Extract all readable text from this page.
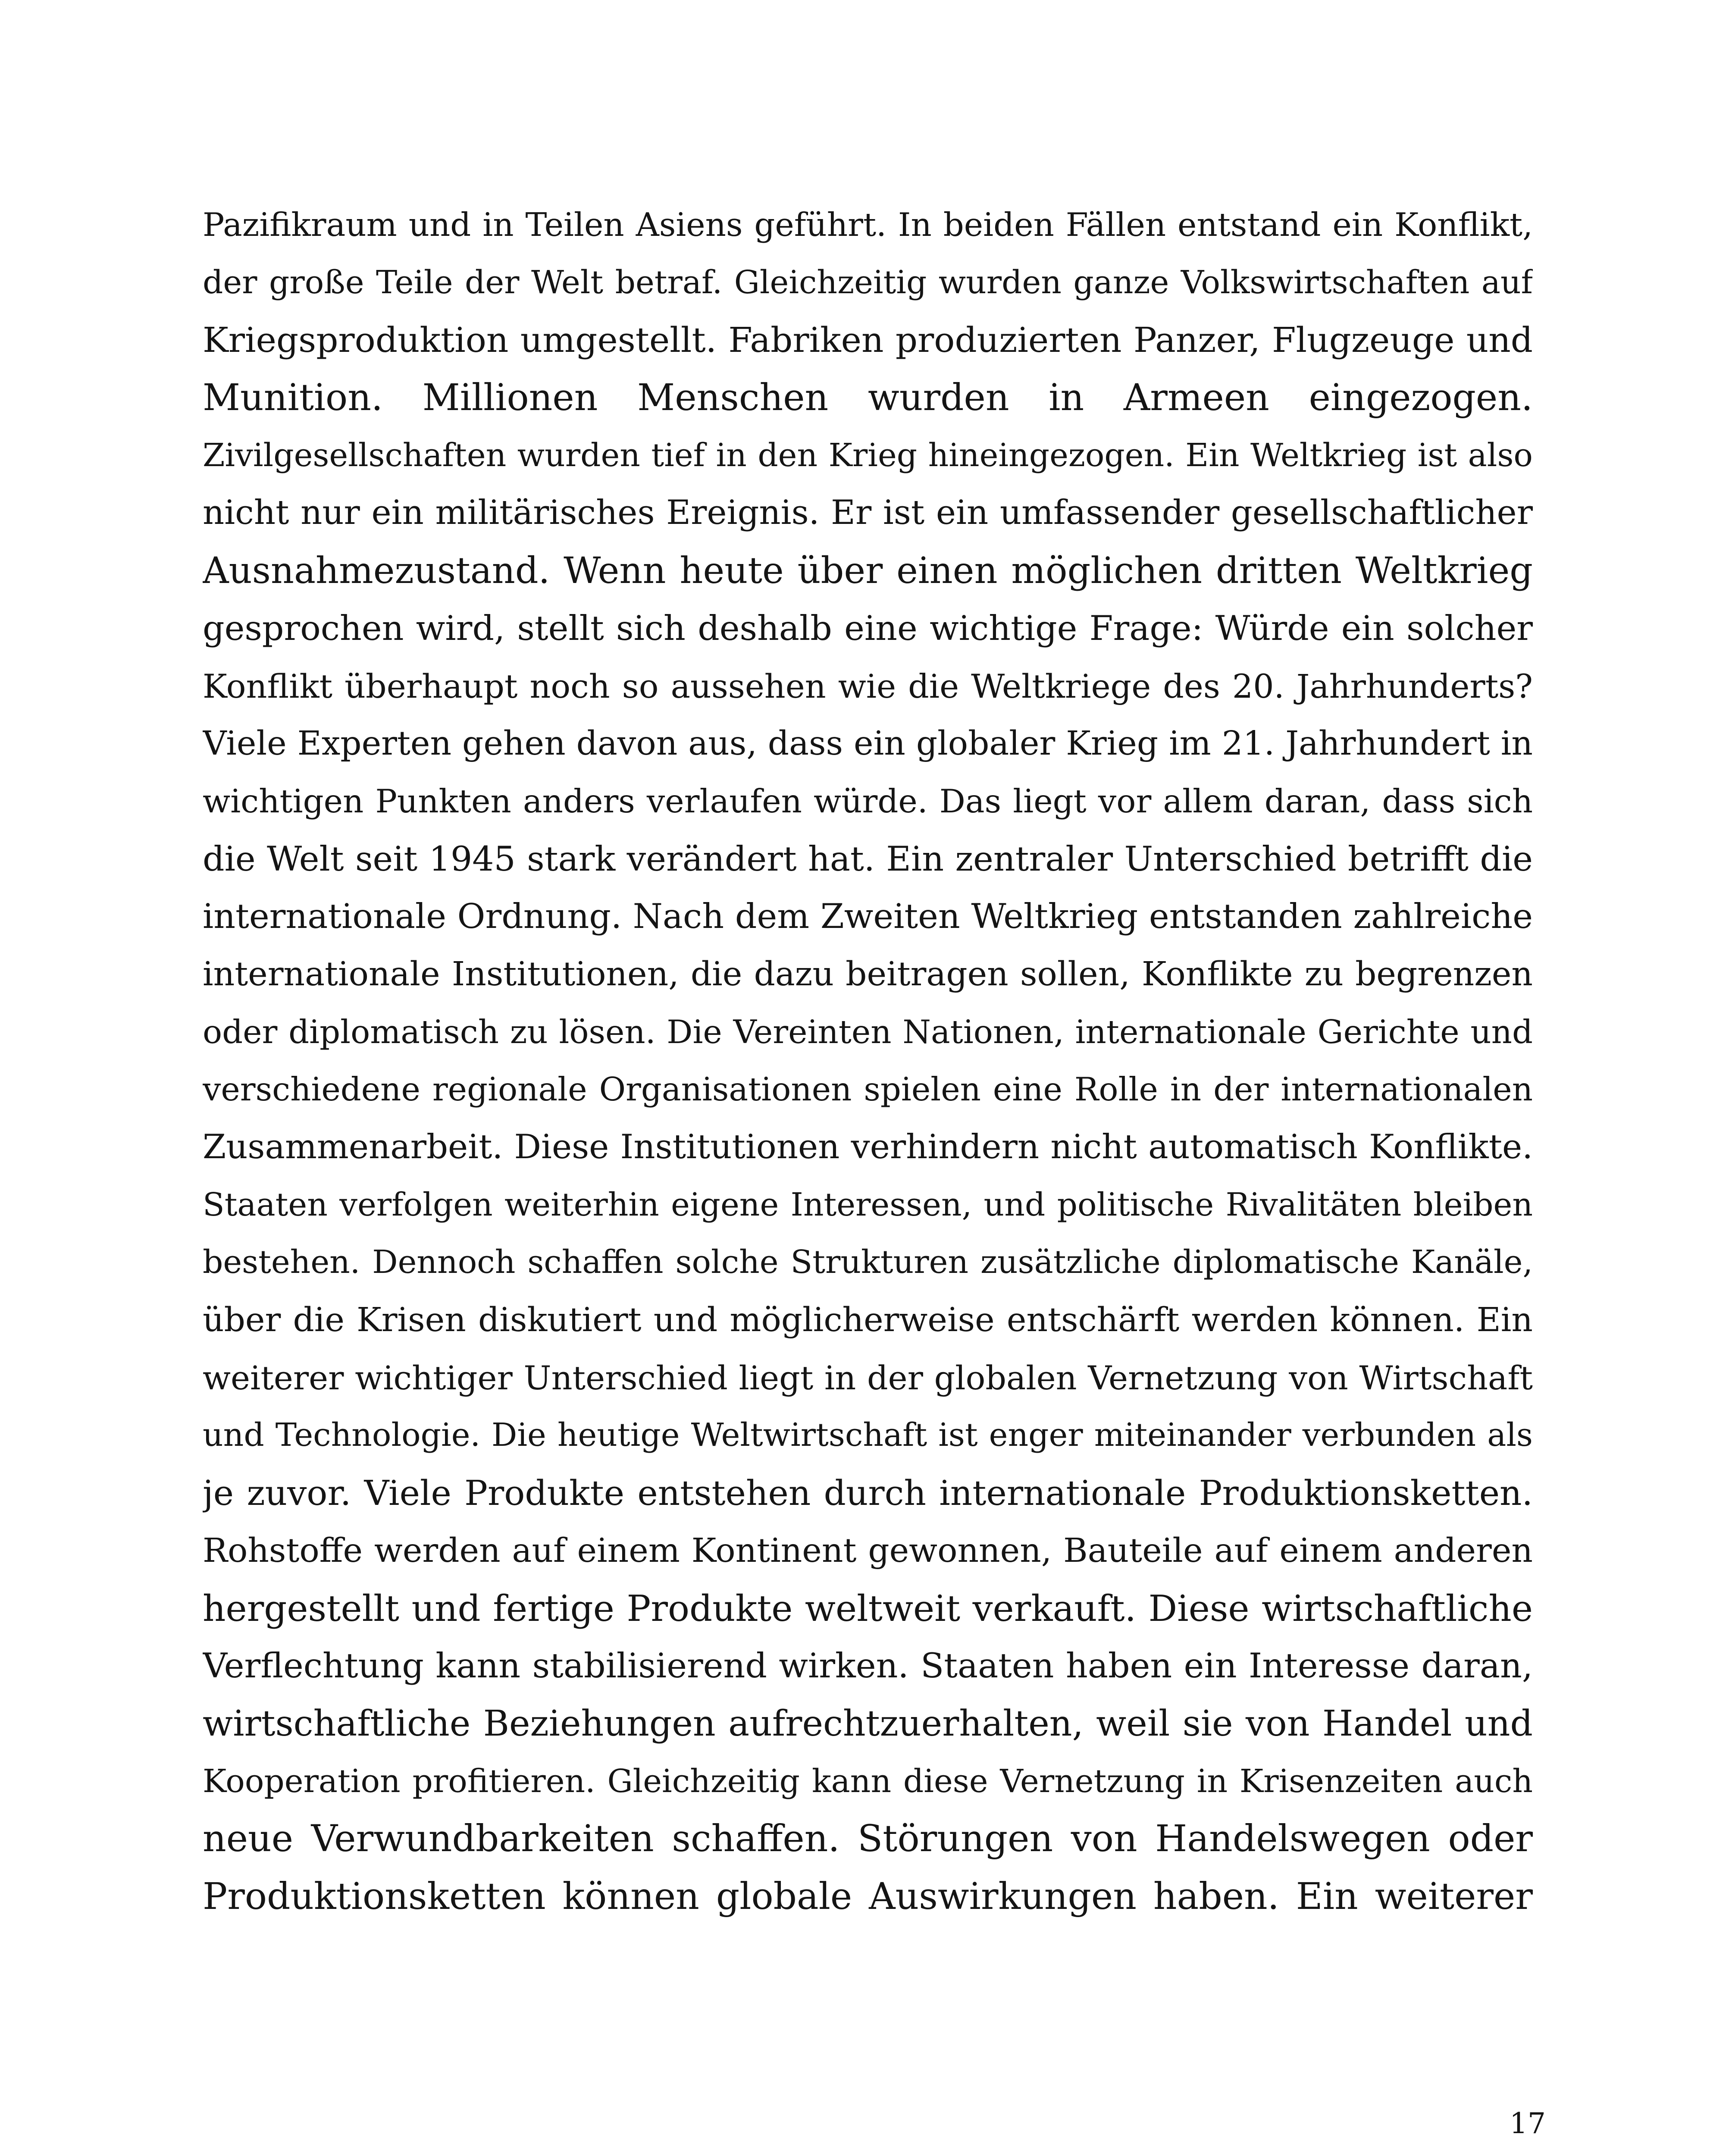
Pazifikraum und in Teilen Asiens geführt. In beiden Fällen entstand ein Konflikt,
der große Teile der Welt betraf. Gleichzeitig wurden ganze Volkswirtschaften auf
Kriegsproduktion umgestellt. Fabriken produzierten Panzer, Flugzeuge und
Munition. Millionen Menschen wurden in Armeen eingezogen.
Zivilgesellschaften wurden tief in den Krieg hineingezogen. Ein Weltkrieg ist also
nicht nur ein militärisches Ereignis. Er ist ein umfassender gesellschaftlicher
Ausnahmezustand. Wenn heute über einen möglichen dritten Weltkrieg
gesprochen wird, stellt sich deshalb eine wichtige Frage: Würde ein solcher
Konflikt überhaupt noch so aussehen wie die Weltkriege des 20. Jahrhunderts?
Viele Experten gehen davon aus, dass ein globaler Krieg im 21. Jahrhundert in
wichtigen Punkten anders verlaufen würde. Das liegt vor allem daran, dass sich
die Welt seit 1945 stark verändert hat. Ein zentraler Unterschied betrifft die
internationale Ordnung. Nach dem Zweiten Weltkrieg entstanden zahlreiche
internationale Institutionen, die dazu beitragen sollen, Konflikte zu begrenzen
oder diplomatisch zu lösen. Die Vereinten Nationen, internationale Gerichte und
verschiedene regionale Organisationen spielen eine Rolle in der internationalen
Zusammenarbeit. Diese Institutionen verhindern nicht automatisch Konflikte.
Staaten verfolgen weiterhin eigene Interessen, und politische Rivalitäten bleiben
bestehen. Dennoch schaffen solche Strukturen zusätzliche diplomatische Kanäle,
über die Krisen diskutiert und möglicherweise entschärft werden können. Ein
weiterer wichtiger Unterschied liegt in der globalen Vernetzung von Wirtschaft
und Technologie. Die heutige Weltwirtschaft ist enger miteinander verbunden als
je zuvor. Viele Produkte entstehen durch internationale Produktionsketten.
Rohstoffe werden auf einem Kontinent gewonnen, Bauteile auf einem anderen
hergestellt und fertige Produkte weltweit verkauft. Diese wirtschaftliche
Verflechtung kann stabilisierend wirken. Staaten haben ein Interesse daran,
wirtschaftliche Beziehungen aufrechtzuerhalten, weil sie von Handel und
Kooperation profitieren. Gleichzeitig kann diese Vernetzung in Krisenzeiten auch
neue Verwundbarkeiten schaffen. Störungen von Handelswegen oder
Produktionsketten können globale Auswirkungen haben. Ein weiterer

17
